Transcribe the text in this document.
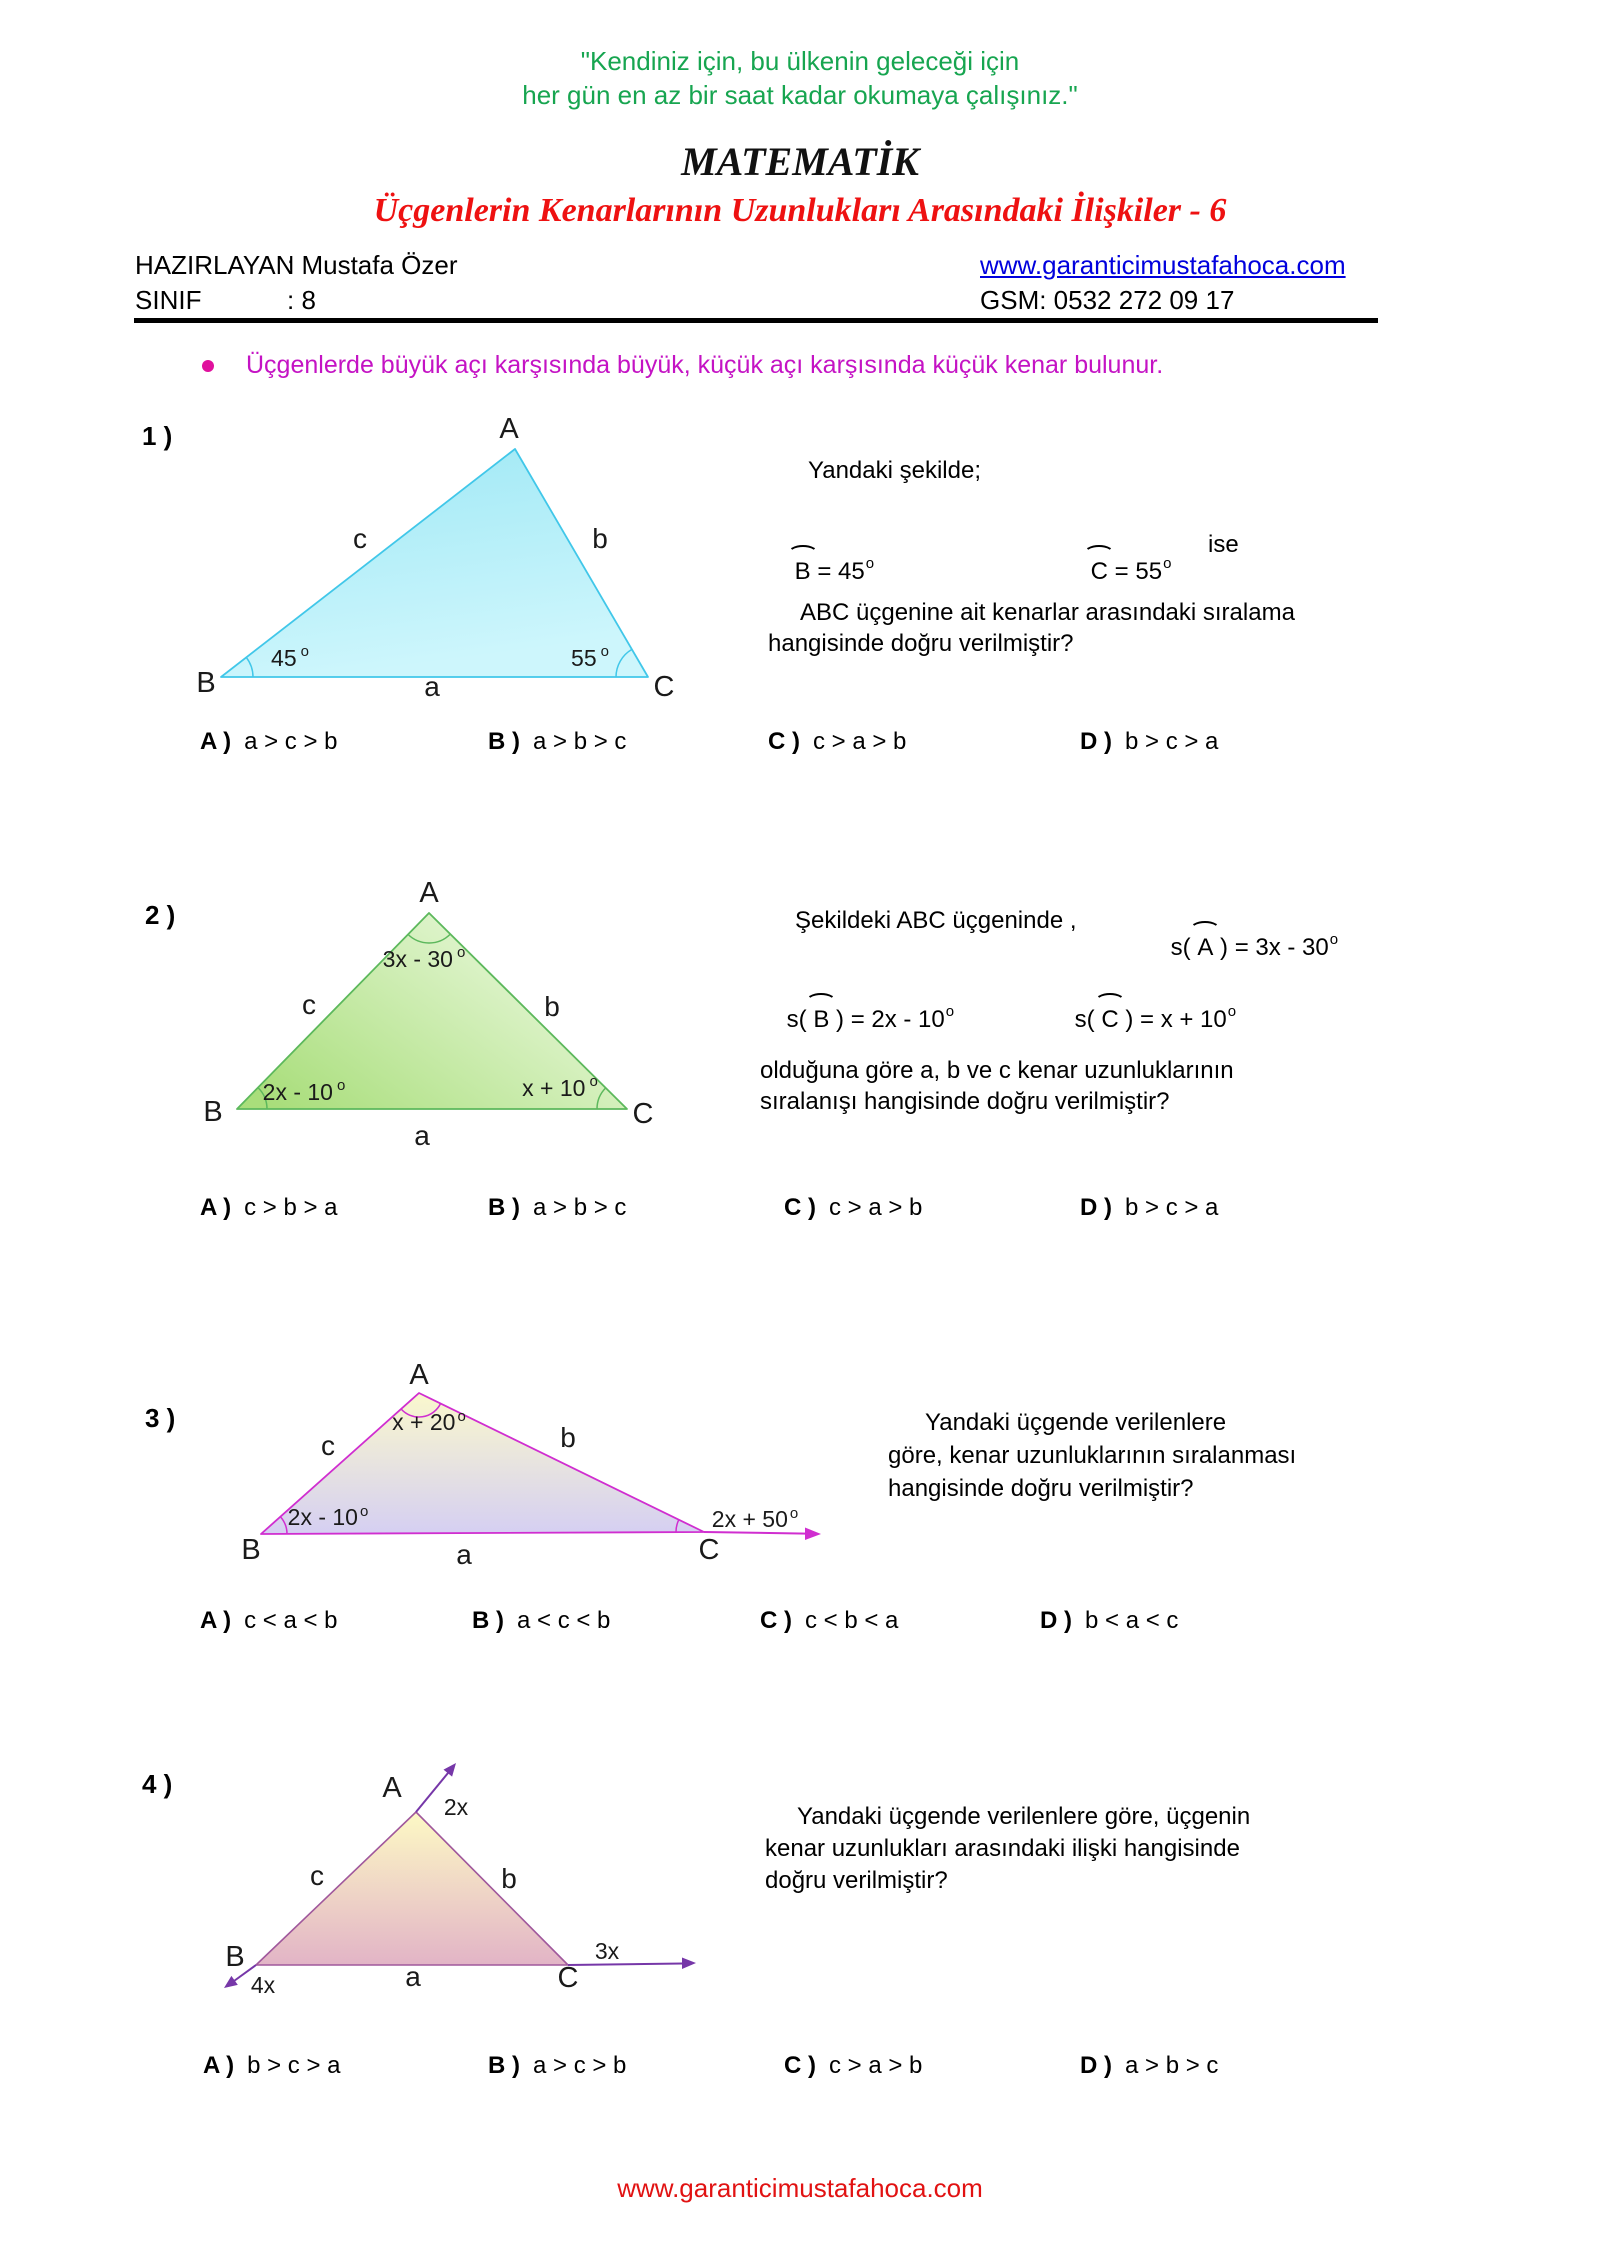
"Kendiniz için, bu ülkenin geleceği için
her gün en az bir saat kadar okumaya çalışınız."
MATEMATİK
Üçgenlerin Kenarlarının Uzunlukları Arasındaki İlişkiler - 6
HAZIRLAYAN: Mustafa Özer
SINIF	: 8
www.garanticimustafahoca.com
GSM: 0532 272 09 17
Üçgenlerde büyük açı karşısında büyük, küçük açı karşısında küçük kenar bulunur.
1 )	A
B	C
c	b
a
45 $^o$	55 $^o$
Yandaki şekilde;

$B = 45^o$
	$C = 55^o$

ise
ABC üçgenine ait kenarlar arasındaki sıralama
hangisinde doğru verilmiştir?
A ) a > c > b	B ) a > b > c	C ) c > a > b	D ) b > c > a
2 )
A
B	C
3x - 30 $^o$
2x - 10 $^o$	x + 10 $^o$
c	b
a
Şekildeki ABC üçgeninde ,

s( A ) = 3x - 30$^o$

s( B ) = 2x - 10$^o$
	s( C ) = $x + 10^o$

olduğuna göre a, b ve c kenar uzunluklarının
sıralanışı hangisinde doğru verilmiştir?
A ) c > b > a	B ) a > b > c	C ) c > a > b	D ) b > c > a
3 )
A
B	C
x + 20 $^o$
2x - 10 $^o$	2x + 50 $^o$
c	b
a
Yandaki üçgende verilenlere
göre, kenar uzunluklarının sıralanması
hangisinde doğru verilmiştir?
A ) c < a < b	B ) a < c < b	C ) c < b < a	D ) b < a < c
4 )	A
B
C
2x
3x
4x
c	b
a
Yandaki üçgende verilenlere göre, üçgenin
kenar uzunlukları arasındaki ilişki hangisinde
doğru verilmiştir?
A ) b > c > a	B ) a > c > b	C ) c > a > b	D ) a > b > c
www.garanticimustafahoca.com
